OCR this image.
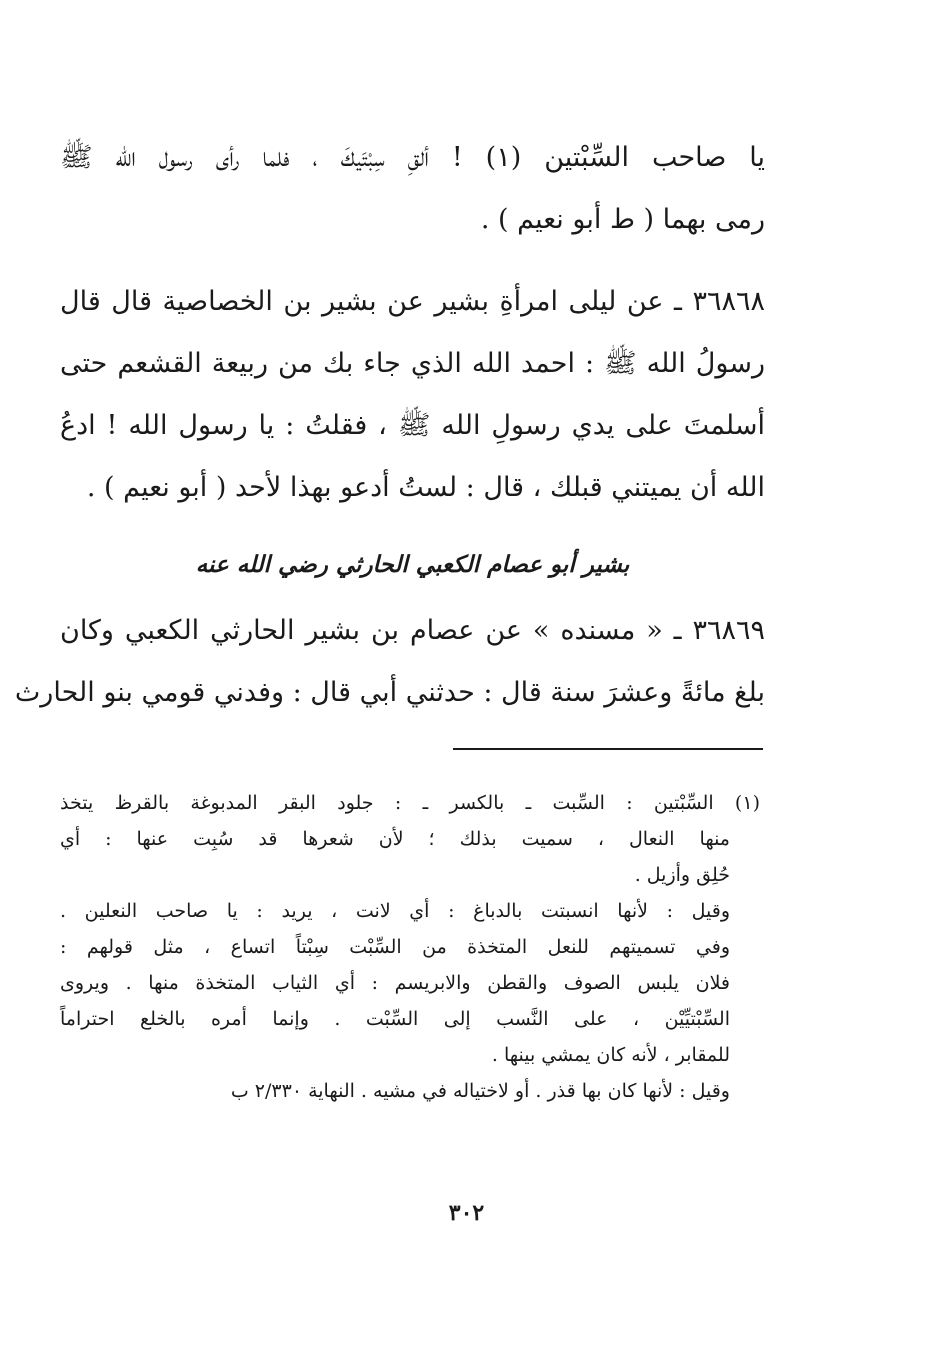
يا صاحب السِّبْتين (١) ! ألقِ سِبْتَيكَ ، فلما رأى رسول الله ﷺ
رمى بهما ( ط أبو نعيم ) .
٣٦٨٦٨ ـ عن ليلى امرأةِ بشير عن بشير بن الخصاصية قال قال
رسولُ الله ﷺ : احمد الله الذي جاء بك من ربيعة القشعم حتى
أسلمتَ على يدي رسولِ الله ﷺ ، فقلتُ : يا رسول الله ! ادعُ
الله أن يميتني قبلك ، قال : لستُ أدعو بهذا لأحد ( أبو نعيم ) .
بشير أبو عصام الكعبي الحارثي رضي الله عنه
٣٦٨٦٩ ـ « مسنده » عن عصام بن بشير الحارثي الكعبي وكان
بلغ مائةً وعشرَ سنة قال : حدثني أبي قال : وفدني قومي بنو الحارث
(١) السِّبْتين : السِّبت ـ بالكسر ـ : جلود البقر المدبوغة بالقرظ يتخذ
منها النعال ، سميت بذلك ؛ لأن شعرها قد سُبِت عنها : أي
حُلِق وأزيل .
وقيل : لأنها انسبتت بالدباغ : أي لانت ، يريد : يا صاحب النعلين .
وفي تسميتهم للنعل المتخذة من السِّبْت سِبْتاً اتساع ، مثل قولهم :
فلان يلبس الصوف والقطن والابريسم : أي الثياب المتخذة منها . ويروى
السِّبْتيِّيْن ، على النَّسب إلى السِّبْت . وإنما أمره بالخلع احتراماً
للمقابر ، لأنه كان يمشي بينها .
وقيل : لأنها كان بها قذر . أو لاختياله في مشيه . النهاية ٢/٣٣٠ ب
٣٠٢
